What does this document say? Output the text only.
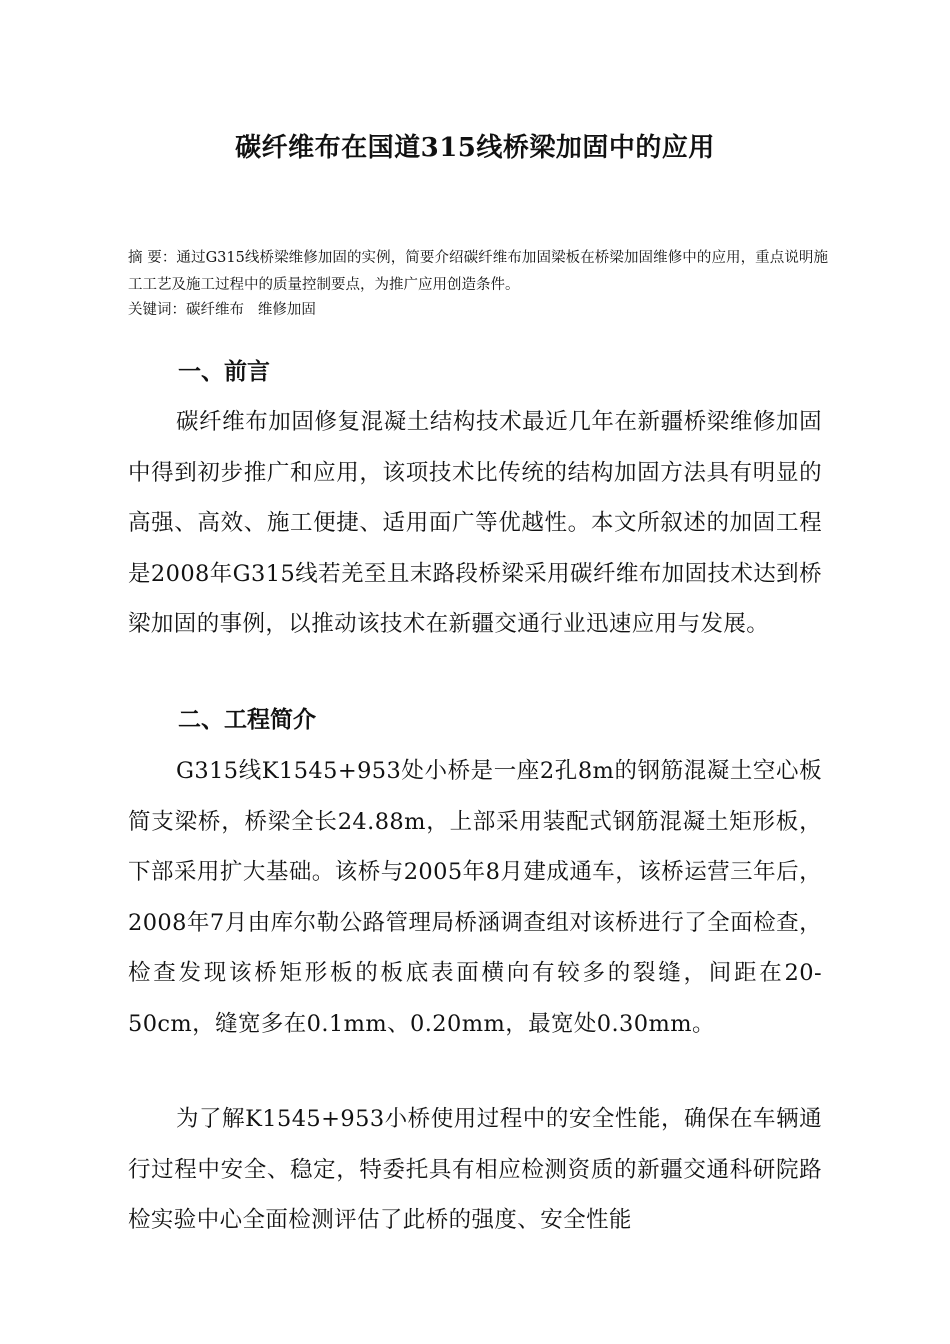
碳纤维布在国道315线桥梁加固中的应用
摘 要：通过G315线桥梁维修加固的实例，简要介绍碳纤维布加固梁板在桥梁加固维修中的应用，重点说明施工工艺及施工过程中的质量控制要点，为推广应用创造条件。
关键词：碳纤维布   维修加固
一、前言
碳纤维布加固修复混凝土结构技术最近几年在新疆桥梁维修加固中得到初步推广和应用，该项技术比传统的结构加固方法具有明显的高强、高效、施工便捷、适用面广等优越性。本文所叙述的加固工程是2008年G315线若羌至且末路段桥梁采用碳纤维布加固技术达到桥梁加固的事例，以推动该技术在新疆交通行业迅速应用与发展。
二、工程简介
G315线K1545+953处小桥是一座2孔8m的钢筋混凝土空心板简支梁桥，桥梁全长24.88m，上部采用装配式钢筋混凝土矩形板，下部采用扩大基础。该桥与2005年8月建成通车，该桥运营三年后，2008年7月由库尔勒公路管理局桥涵调查组对该桥进行了全面检查，检查发现该桥矩形板的板底表面横向有较多的裂缝，间距在20-50cm，缝宽多在0.1mm、0.20mm，最宽处0.30mm。
为了解K1545+953小桥使用过程中的安全性能，确保在车辆通行过程中安全、稳定，特委托具有相应检测资质的新疆交通科研院路检实验中心全面检测评估了此桥的强度、安全性能
